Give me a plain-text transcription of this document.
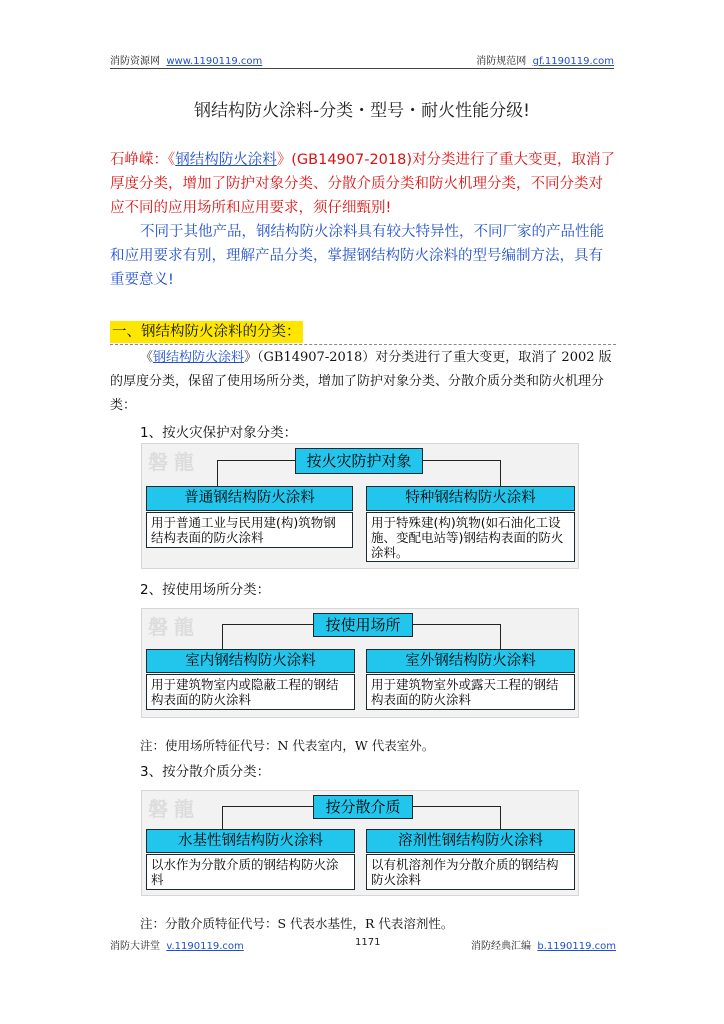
消防资源网 www.1190119.com	消防规范网 gf.1190119.com
钢结构防火涂料-分类・型号・耐火性能分级!
石峥嵘：《钢结构防火涂料》(GB14907-2018)对分类进行了重大变更，取消了厚度分类，增加了防护对象分类、分散介质分类和防火机理分类，不同分类对应不同的应用场所和应用要求，须仔细甄别!
不同于其他产品，钢结构防火涂料具有较大特异性，不同厂家的产品性能和应用要求有别，理解产品分类，掌握钢结构防火涂料的型号编制方法，具有重要意义!
一、钢结构防火涂料的分类：
《钢结构防火涂料》（GB14907-2018）对分类进行了重大变更，取消了 2002 版的厚度分类，保留了使用场所分类，增加了防护对象分类、分散介质分类和防火机理分类：
1、按火灾保护对象分类：
磐龍	按火灾防护对象
普通钢结构防火涂料	特种钢结构防火涂料
用于普通工业与民用建(构)筑物钢结构表面的防火涂料
用于特殊建(构)筑物(如石油化工设施、变配电站等)钢结构表面的防火涂料。
2、按使用场所分类：
磐龍	按使用场所
室内钢结构防火涂料	室外钢结构防火涂料
用于建筑物室内或隐蔽工程的钢结构表面的防火涂料
用于建筑物室外或露天工程的钢结构表面的防火涂料
注：使用场所特征代号：N 代表室内，W 代表室外。
3、按分散介质分类：
磐龍	按分散介质
水基性钢结构防火涂料	溶剂性钢结构防火涂料
以水作为分散介质的钢结构防火涂料
以有机溶剂作为分散介质的钢结构防火涂料
注：分散介质特征代号：S 代表水基性，R 代表溶剂性。
消防大讲堂 v.1190119.com	1171	消防经典汇编 b.1190119.com
